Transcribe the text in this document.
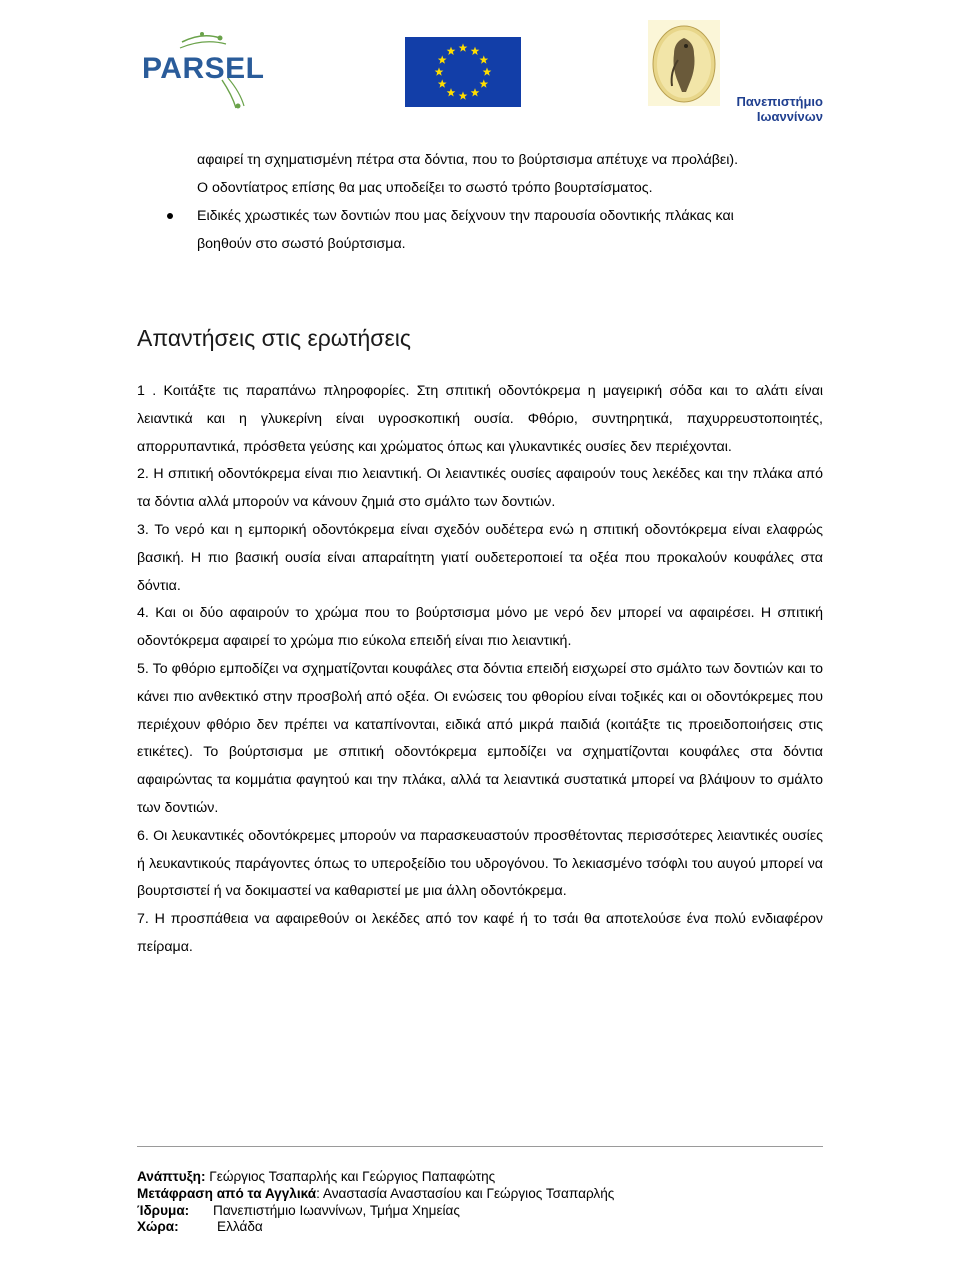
PARSEL
Πανεπιστήμιο
Ιωαννίνων

αφαιρεί τη σχηματισμένη πέτρα στα δόντια, που το βούρτσισμα απέτυχε να προλάβει).

Ο οδοντίατρος επίσης θα μας υποδείξει το σωστό τρόπο βουρτσίσματος.

Ειδικές χρωστικές των δοντιών που μας δείχνουν την παρουσία οδοντικής πλάκας και

βοηθούν στο σωστό βούρτσισμα.

Απαντήσεις στις ερωτήσεις

1 . Κοιτάξτε τις παραπάνω πληροφορίες. Στη σπιτική οδοντόκρεμα η μαγειρική σόδα και το αλάτι είναι λειαντικά και η γλυκερίνη είναι υγροσκοπική ουσία. Φθόριο, συντηρητικά, παχυρρευστοποιητές, απορρυπαντικά, πρόσθετα γεύσης και χρώματος όπως και γλυκαντικές ουσίες δεν περιέχονται.

2. Η σπιτική οδοντόκρεμα είναι πιο λειαντική. Οι λειαντικές ουσίες αφαιρούν τους λεκέδες και την πλάκα από τα δόντια αλλά μπορούν να κάνουν ζημιά στο σμάλτο των δοντιών.

3. Το νερό και η εμπορική οδοντόκρεμα είναι σχεδόν ουδέτερα ενώ η σπιτική οδοντόκρεμα είναι ελαφρώς βασική. Η πιο βασική ουσία είναι απαραίτητη γιατί ουδετεροποιεί τα οξέα που προκαλούν κουφάλες στα δόντια.

4. Και οι δύο αφαιρούν το χρώμα που το βούρτσισμα μόνο με νερό δεν μπορεί να αφαιρέσει. Η σπιτική οδοντόκρεμα αφαιρεί το χρώμα πιο εύκολα επειδή είναι πιο λειαντική.

5. Το φθόριο εμποδίζει να σχηματίζονται κουφάλες στα δόντια επειδή εισχωρεί στο σμάλτο των δοντιών και το κάνει πιο ανθεκτικό στην προσβολή από οξέα. Οι ενώσεις του φθορίου είναι τοξικές και οι οδοντόκρεμες που περιέχουν φθόριο δεν πρέπει να καταπίνονται, ειδικά από μικρά παιδιά (κοιτάξτε τις προειδοποιήσεις στις ετικέτες). Το βούρτσισμα με σπιτική οδοντόκρεμα εμποδίζει να σχηματίζονται κουφάλες στα δόντια αφαιρώντας τα κομμάτια φαγητού και την πλάκα, αλλά τα λειαντικά συστατικά μπορεί να βλάψουν το σμάλτο των δοντιών.

6. Οι λευκαντικές οδοντόκρεμες μπορούν να παρασκευαστούν προσθέτοντας περισσότερες λειαντικές ουσίες ή λευκαντικούς παράγοντες όπως το υπεροξείδιο του υδρογόνου. Το λεκιασμένο τσόφλι του αυγού μπορεί να βουρτσιστεί ή να δοκιμαστεί να καθαριστεί με μια άλλη οδοντόκρεμα.

7. Η προσπάθεια να αφαιρεθούν οι λεκέδες από τον καφέ ή το τσάι θα αποτελούσε ένα πολύ ενδιαφέρον πείραμα.

Ανάπτυξη: Γεώργιος Τσαπαρλής και Γεώργιος Παπαφώτης
Μετάφραση από τα Αγγλικά: Αναστασία Αναστασίου και Γεώργιος Τσαπαρλής
Ίδρυμα: Πανεπιστήμιο Ιωαννίνων, Τμήμα Χημείας
Χώρα:	Ελλάδα
